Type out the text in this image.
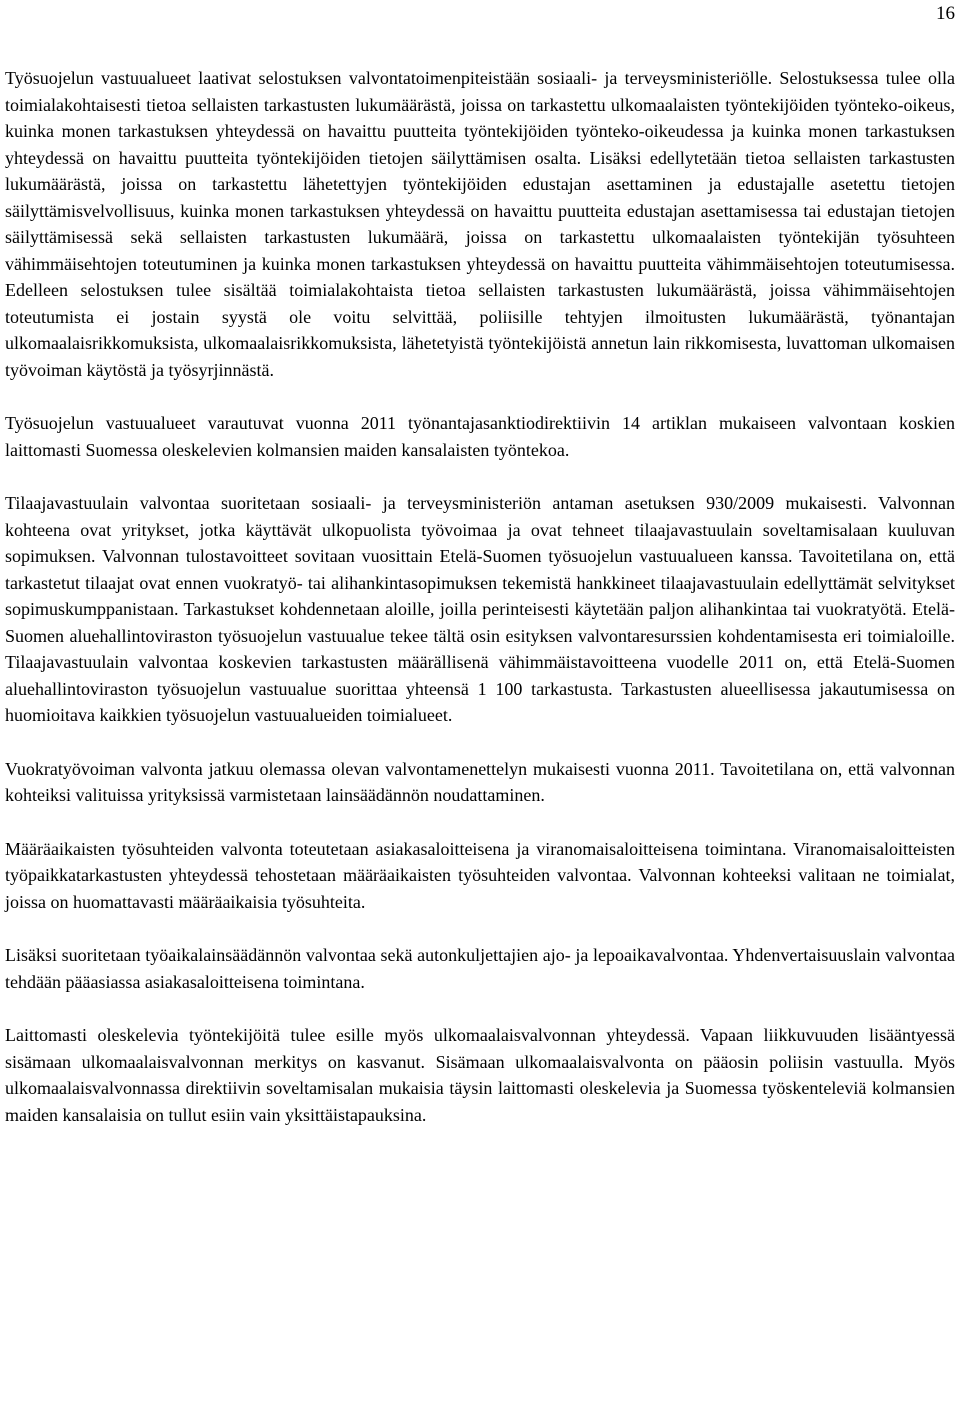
16

Työsuojelun vastuualueet laativat selostuksen valvontatoimenpiteistään sosiaali- ja terveysministeriölle. Selostuksessa tulee olla toimialakohtaisesti tietoa sellaisten tarkastusten lukumäärästä, joissa on tarkastettu ulkomaalaisten työntekijöiden työnteko-oikeus, kuinka monen tarkastuksen yhteydessä on havaittu puutteita työntekijöiden työnteko-oikeudessa ja kuinka monen tarkastuksen yhteydessä on havaittu puutteita työntekijöiden tietojen säilyttämisen osalta. Lisäksi edellytetään tietoa sellaisten tarkastusten lukumäärästä, joissa on tarkastettu lähetettyjen työntekijöiden edustajan asettaminen ja edustajalle asetettu tietojen säilyttämisvelvollisuus, kuinka monen tarkastuksen yhteydessä on havaittu puutteita edustajan asettamisessa tai edustajan tietojen säilyttämisessä sekä sellaisten tarkastusten lukumäärä, joissa on tarkastettu ulkomaalaisten työntekijän työsuhteen vähimmäisehtojen toteutuminen ja kuinka monen tarkastuksen yhteydessä on havaittu puutteita vähimmäisehtojen toteutumisessa. Edelleen selostuksen tulee sisältää toimialakohtaista tietoa sellaisten tarkastusten lukumäärästä, joissa vähimmäisehtojen toteutumista ei jostain syystä ole voitu selvittää, poliisille tehtyjen ilmoitusten lukumäärästä, työnantajan ulkomaalaisrikkomuksista, ulkomaalaisrikkomuksista, lähetetyistä työntekijöistä annetun lain rikkomisesta, luvattoman ulkomaisen työvoiman käytöstä ja työsyrjinnästä.

Työsuojelun vastuualueet varautuvat vuonna 2011 työnantajasanktiodirektiivin 14 artiklan mukaiseen valvontaan koskien laittomasti Suomessa oleskelevien kolmansien maiden kansalaisten työntekoa.

Tilaajavastuulain valvontaa suoritetaan sosiaali- ja terveysministeriön antaman asetuksen 930/2009 mukaisesti. Valvonnan kohteena ovat yritykset, jotka käyttävät ulkopuolista työvoimaa ja ovat tehneet tilaajavastuulain soveltamisalaan kuuluvan sopimuksen. Valvonnan tulostavoitteet sovitaan vuosittain Etelä-Suomen työsuojelun vastuualueen kanssa. Tavoitetilana on, että tarkastetut tilaajat ovat ennen vuokratyö- tai alihankintasopimuksen tekemistä hankkineet tilaajavastuulain edellyttämät selvitykset sopimuskumppanistaan. Tarkastukset kohdennetaan aloille, joilla perinteisesti käytetään paljon alihankintaa tai vuokratyötä. Etelä-Suomen aluehallintoviraston työsuojelun vastuualue tekee tältä osin esityksen valvontaresurssien kohdentamisesta eri toimialoille. Tilaajavastuulain valvontaa koskevien tarkastusten määrällisenä vähimmäistavoitteena vuodelle 2011 on, että Etelä-Suomen aluehallintoviraston työsuojelun vastuualue suorittaa yhteensä 1 100 tarkastusta. Tarkastusten alueellisessa jakautumisessa on huomioitava kaikkien työsuojelun vastuualueiden toimialueet.

Vuokratyövoiman valvonta jatkuu olemassa olevan valvontamenettelyn mukaisesti vuonna 2011. Tavoitetilana on, että valvonnan kohteiksi valituissa yrityksissä varmistetaan lainsäädännön noudattaminen.

Määräaikaisten työsuhteiden valvonta toteutetaan asiakasaloitteisena ja viranomaisaloitteisena toimintana. Viranomaisaloitteisten työpaikkatarkastusten yhteydessä tehostetaan määräaikaisten työsuhteiden valvontaa. Valvonnan kohteeksi valitaan ne toimialat, joissa on huomattavasti määräaikaisia työsuhteita.

Lisäksi suoritetaan työaikalainsäädännön valvontaa sekä autonkuljettajien ajo- ja lepoaikavalvontaa. Yhdenvertaisuuslain valvontaa tehdään pääasiassa asiakasaloitteisena toimintana.

Laittomasti oleskelevia työntekijöitä tulee esille myös ulkomaalaisvalvonnan yhteydessä. Vapaan liikkuvuuden lisääntyessä sisämaan ulkomaalaisvalvonnan merkitys on kasvanut. Sisämaan ulkomaalaisvalvonta on pääosin poliisin vastuulla. Myös ulkomaalaisvalvonnassa direktiivin soveltamisalan mukaisia täysin laittomasti oleskelevia ja Suomessa työskenteleviä kolmansien maiden kansalaisia on tullut esiin vain yksittäistapauksina.
